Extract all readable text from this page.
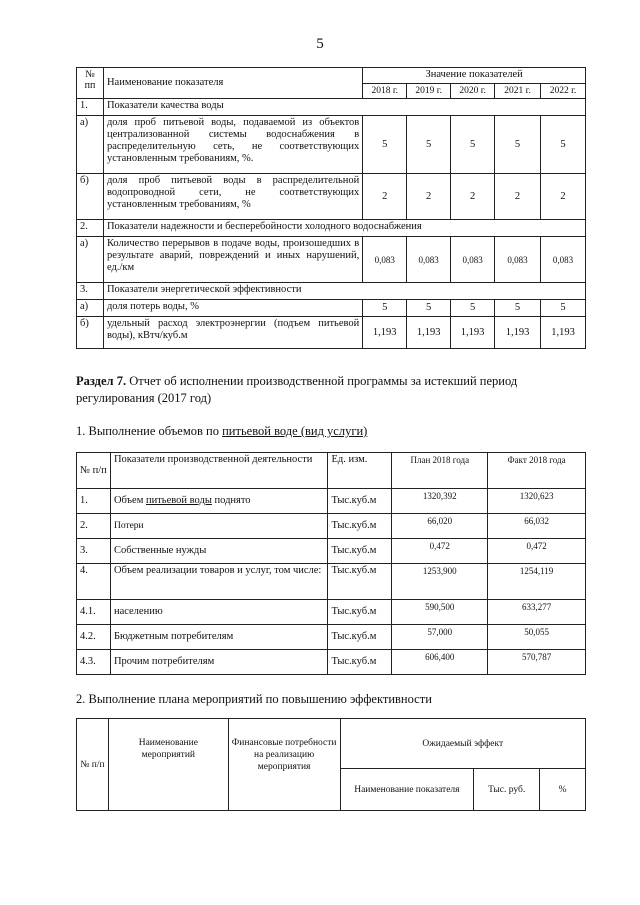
5
№ пп	Наименование показателя	Значение показателей				
		2018 г.	2019 г.	2020 г.	2021 г.	2022 г.
1.	Показатели качества воды					
а)	доля проб питьевой воды, подаваемой из объектов централизованной системы водоснабжения в распределительную сеть, не соответствующих установленным требованиям, %.	5	5	5	5	5
б)	доля проб питьевой воды в распределительной водопроводной сети, не соответствующих установленным требованиям, %	2	2	2	2	2
2.	Показатели надежности и бесперебойности холодного водоснабжения					
а)	Количество перерывов в подаче воды, произошедших в результате аварий, повреждений и иных нарушений, ед./км	0,083	0,083	0,083	0,083	0,083
3.	Показатели энергетической эффективности					
а)	доля потерь воды, %	5	5	5	5	5
б)	удельный расход электроэнергии (подъем питьевой воды), кВтч/куб.м	1,193	1,193	1,193	1,193	1,193
Раздел 7. Отчет об исполнении производственной программы за истекший период регулирования (2017 год)
1. Выполнение объемов по питьевой воде (вид услуги)
№ п/п	Показатели производственной деятельности	Ед. изм.	План 2018 года	Факт 2018 года
1.	Объем питьевой воды поднято	Тыс.куб.м	1320,392	1320,623
2.	Потери	Тыс.куб.м	66,020	66,032
3.	Собственные нужды	Тыс.куб.м	0,472	0,472
4.	Объем реализации товаров и услуг, том числе:	Тыс.куб.м	1253,900	1254,119
4.1.	населению	Тыс.куб.м	590,500	633,277
4.2.	Бюджетным потребителям	Тыс.куб.м	57,000	50,055
4.3.	Прочим потребителям	Тыс.куб.м	606,400	570,787
2. Выполнение плана мероприятий по повышению эффективности
№ п/п	Наименование мероприятий	Финансовые потребности на реализацию мероприятия	Ожидаемый эффект		
			Наименование показателя	Тыс. руб.	%
